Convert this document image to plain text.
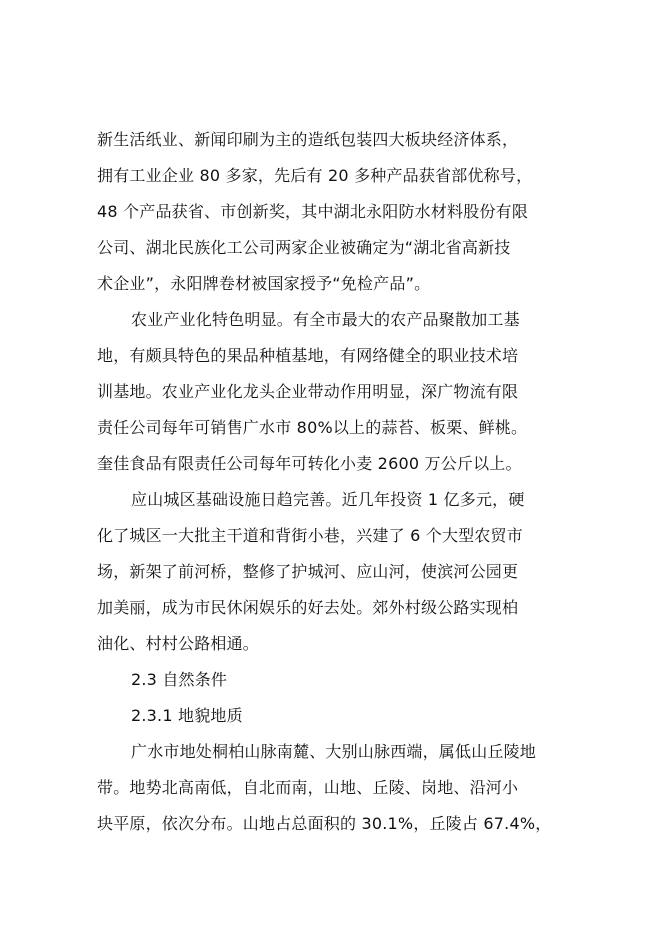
新生活纸业、新闻印刷为主的造纸包装四大板块经济体系，
拥有工业企业 80 多家，先后有 20 多种产品获省部优称号，
48 个产品获省、市创新奖，其中湖北永阳防水材料股份有限
公司、湖北民族化工公司两家企业被确定为“湖北省高新技
术企业”，永阳牌卷材被国家授予“免检产品”。
农业产业化特色明显。有全市最大的农产品聚散加工基
地，有颇具特色的果品种植基地，有网络健全的职业技术培
训基地。农业产业化龙头企业带动作用明显，深广物流有限
责任公司每年可销售广水市 80%以上的蒜苔、板栗、鲜桃。
奎佳食品有限责任公司每年可转化小麦 2600 万公斤以上。
应山城区基础设施日趋完善。近几年投资 1 亿多元，硬
化了城区一大批主干道和背街小巷，兴建了 6 个大型农贸市
场，新架了前河桥，整修了护城河、应山河，使滨河公园更
加美丽，成为市民休闲娱乐的好去处。郊外村级公路实现柏
油化、村村公路相通。
2.3 自然条件
2.3.1 地貌地质
广水市地处桐柏山脉南麓、大别山脉西端，属低山丘陵地
带。地势北高南低，自北而南，山地、丘陵、岗地、沿河小
块平原，依次分布。山地占总面积的 30.1%，丘陵占 67.4%，
